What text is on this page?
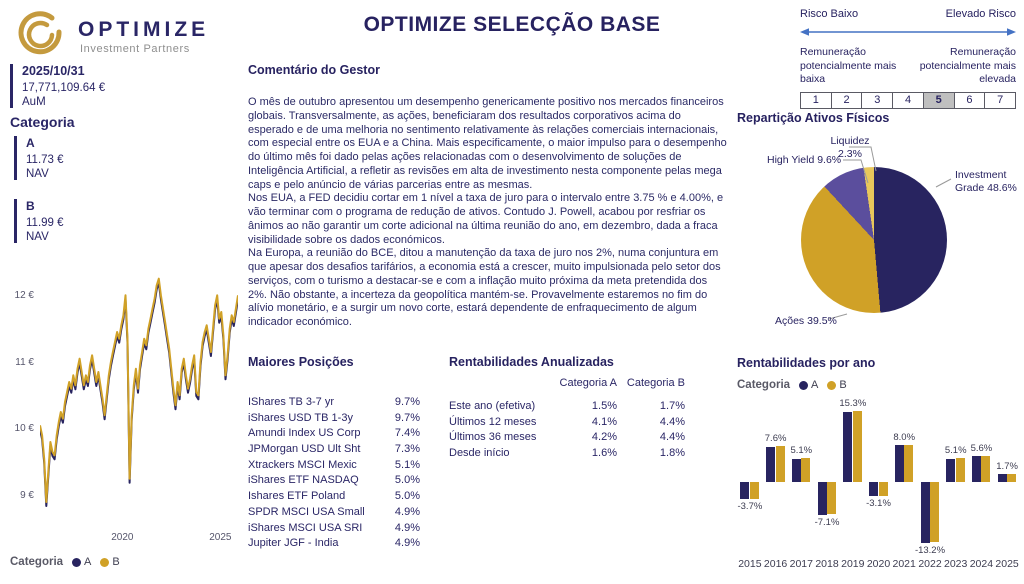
OPTIMIZE
Investment Partners
2025/10/31
17,771,109.64 €
AuM
Categoria
A
11.73 €
NAV
B
11.99 €
NAV
12 €
11 €
10 €
9 €
2020	2025
Categoria A B
OPTIMIZE SELECÇÃO BASE
Comentário do Gestor

O mês de outubro apresentou um desempenho genericamente positivo nos mercados financeiros globais. Transversalmente, as ações, beneficiaram dos resultados corporativos acima do esperado e de uma melhoria no sentimento relativamente às relações comerciais internacionais, com especial entre os EUA e a China. Mais especificamente, o maior impulso para o desempenho do último mês foi dado pelas ações relacionadas com o desenvolvimento de soluções de Inteligência Artificial, a refletir as revisões em alta de investimento nesta componente pelas mega caps e pelo anúncio de várias parcerias entre as mesmas.

Nos EUA, a FED decidiu cortar em 1 nível a taxa de juro para o intervalo entre 3.75 % e 4.00%, e vão terminar com o programa de redução de ativos. Contudo J. Powell, acabou por resfriar os ânimos ao não garantir um corte adicional na última reunião do ano, em dezembro, dada a fraca visibilidade sobre os dados económicos.

Na Europa, a reunião do BCE, ditou a manutenção da taxa de juro nos 2%, numa conjuntura em que apesar dos desafios tarifários, a economia está a crescer, muito impulsionada pelo setor dos serviços, com o turismo a destacar-se e com a inflação muito próxima da meta pretendida dos 2%. Não obstante, a incerteza da geopolítica mantém-se. Provavelmente estaremos no fim do alívio monetário, e a surgir um novo corte, estará dependente de enfraquecimento de algum indicador económico.

Maiores Posições
IShares TB 3-7 yr	9.7%
iShares USD TB 1-3y	9.7%
Amundi Index US Corp	7.4%
JPMorgan USD Ult Sht	7.3%
Xtrackers MSCI Mexic	5.1%
iShares ETF NASDAQ	5.0%
Ishares ETF Poland	5.0%
SPDR MSCI USA Small	4.9%
iShares MSCI USA SRI	4.9%
Jupiter JGF - India	4.9%
Rentabilidades Anualizadas
Categoria A Categoria B
Este ano (efetiva)	1.5%	1.7%
Últimos 12 meses	4.1%	4.4%
Últimos 36 meses	4.2%	4.4%
Desde início	1.6%	1.8%
Risco Baixo	Elevado Risco
Remuneração potencialmente mais baixa
Remuneração potencialmente mais elevada
1	2	3	4	5	6	7
Repartição Ativos Físicos
Liquidez 2.3%
High Yield 9.6%
Investment Grade 48.6%
Ações 39.5%
Rentabilidades por ano
Categoria A B
-3.7%
7.6%
5.1%
-7.1%
15.3%
-3.1%
8.0%
-13.2%
5.1% 5.6%
1.7%
2015 2016 2017 2018 2019 2020 2021 2022 2023 2024 2025
